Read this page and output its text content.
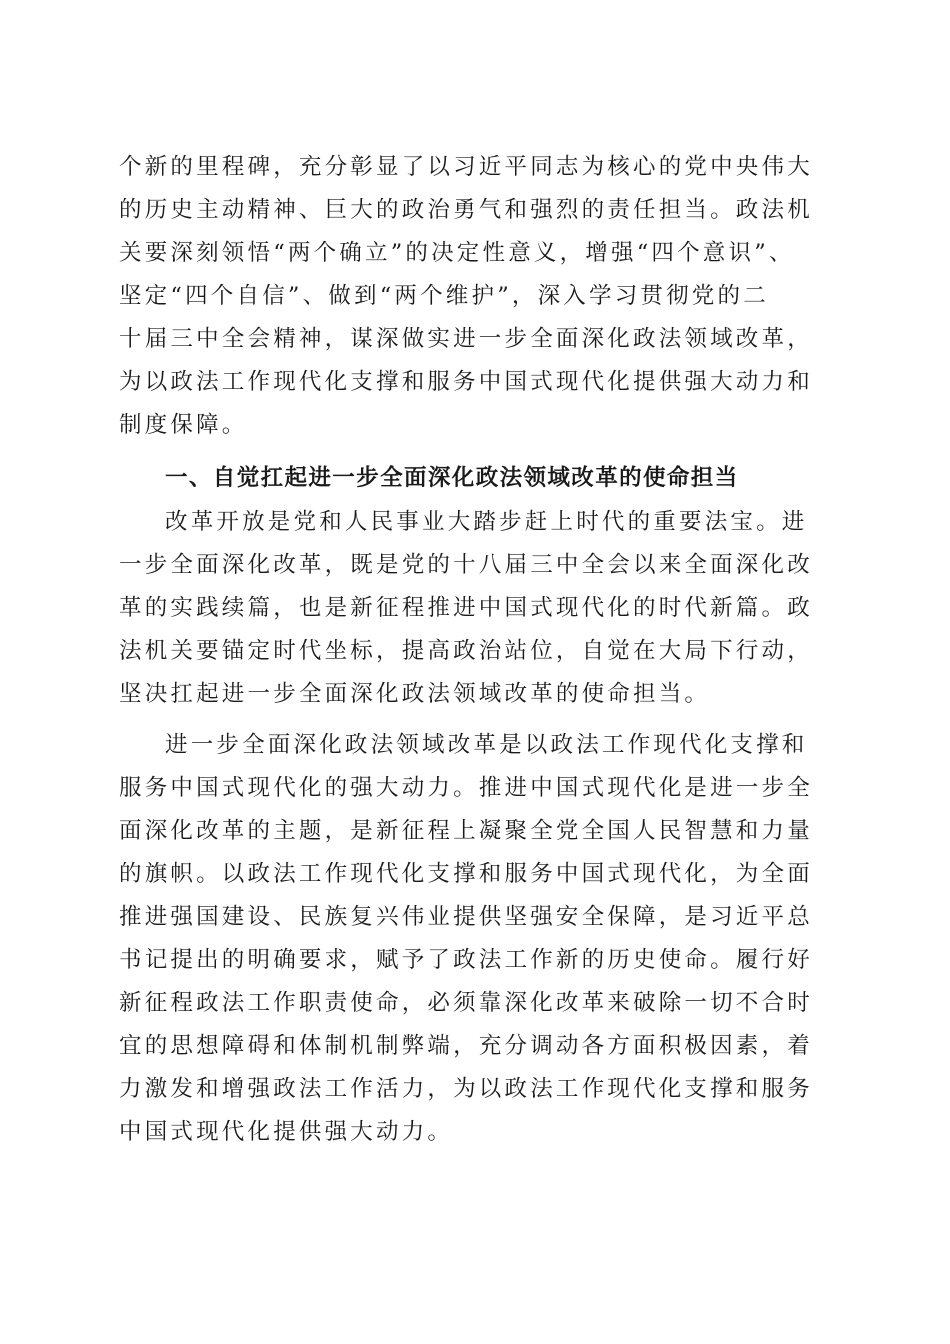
个新的里程碑，充分彰显了以习近平同志为核心的党中央伟大
的历史主动精神、巨大的政治勇气和强烈的责任担当。政法机
关要深刻领悟“两个确立”的决定性意义，增强“四个意识”、
坚定“四个自信”、做到“两个维护”，深入学习贯彻党的二
十届三中全会精神，谋深做实进一步全面深化政法领域改革，
为以政法工作现代化支撑和服务中国式现代化提供强大动力和
制度保障。
一、自觉扛起进一步全面深化政法领域改革的使命担当
改革开放是党和人民事业大踏步赶上时代的重要法宝。进
一步全面深化改革，既是党的十八届三中全会以来全面深化改
革的实践续篇，也是新征程推进中国式现代化的时代新篇。政
法机关要锚定时代坐标，提高政治站位，自觉在大局下行动，
坚决扛起进一步全面深化政法领域改革的使命担当。
进一步全面深化政法领域改革是以政法工作现代化支撑和
服务中国式现代化的强大动力。推进中国式现代化是进一步全
面深化改革的主题，是新征程上凝聚全党全国人民智慧和力量
的旗帜。以政法工作现代化支撑和服务中国式现代化，为全面
推进强国建设、民族复兴伟业提供坚强安全保障，是习近平总
书记提出的明确要求，赋予了政法工作新的历史使命。履行好
新征程政法工作职责使命，必须靠深化改革来破除一切不合时
宜的思想障碍和体制机制弊端，充分调动各方面积极因素，着
力激发和增强政法工作活力，为以政法工作现代化支撑和服务
中国式现代化提供强大动力。
